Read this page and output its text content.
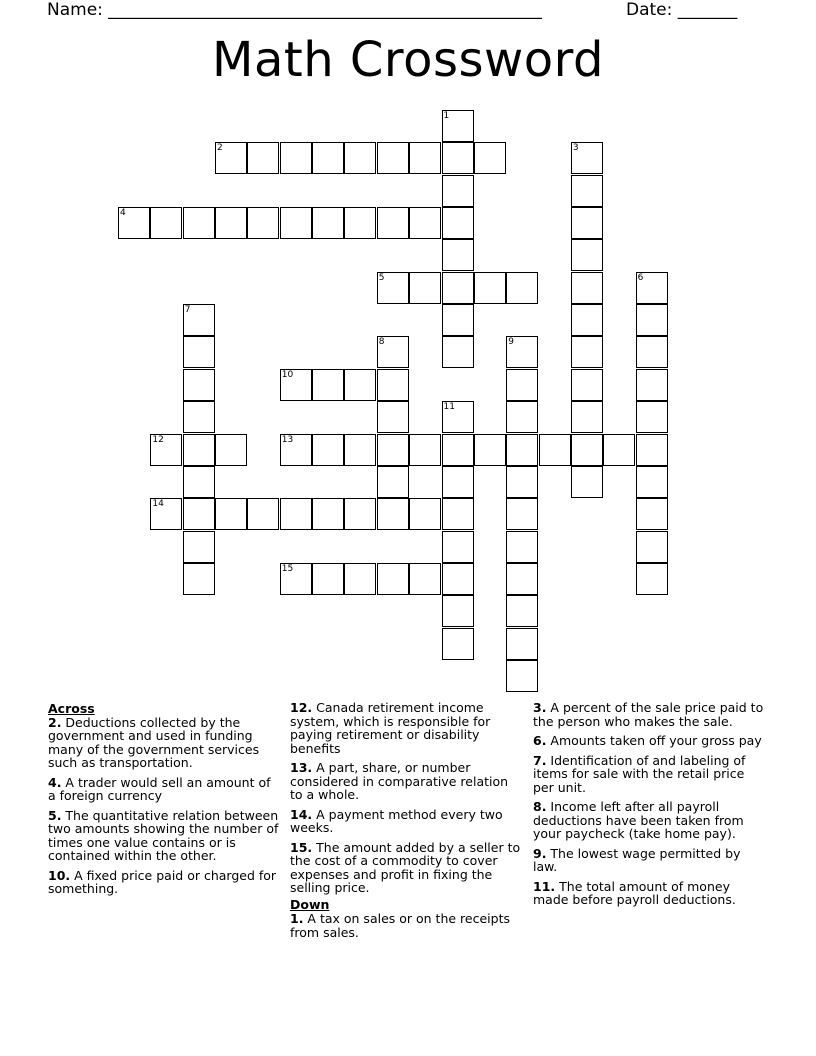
Name: ___________________________________________________	Date: _______
Math Crossword
2
4
5
10
12	13
14
15
1
3
6
7
8	9
11
Across
2. Deductions collected by the government and used in funding many of the government services such as transportation.
4. A trader would sell an amount of a foreign currency
5. The quantitative relation between two amounts showing the number of times one value contains or is contained within the other.
10. A fixed price paid or charged for something.
12. Canada retirement income system, which is responsible for paying retirement or disability benefits
13. A part, share, or number considered in comparative relation to a whole.
14. A payment method every two weeks.
15. The amount added by a seller to the cost of a commodity to cover expenses and profit in fixing the selling price.
Down
1. A tax on sales or on the receipts from sales.
3. A percent of the sale price paid to the person who makes the sale.
6. Amounts taken off your gross pay
7. Identification of and labeling of items for sale with the retail price per unit.
8. Income left after all payroll deductions have been taken from your paycheck (take home pay).
9. The lowest wage permitted by law.
11. The total amount of money made before payroll deductions.
